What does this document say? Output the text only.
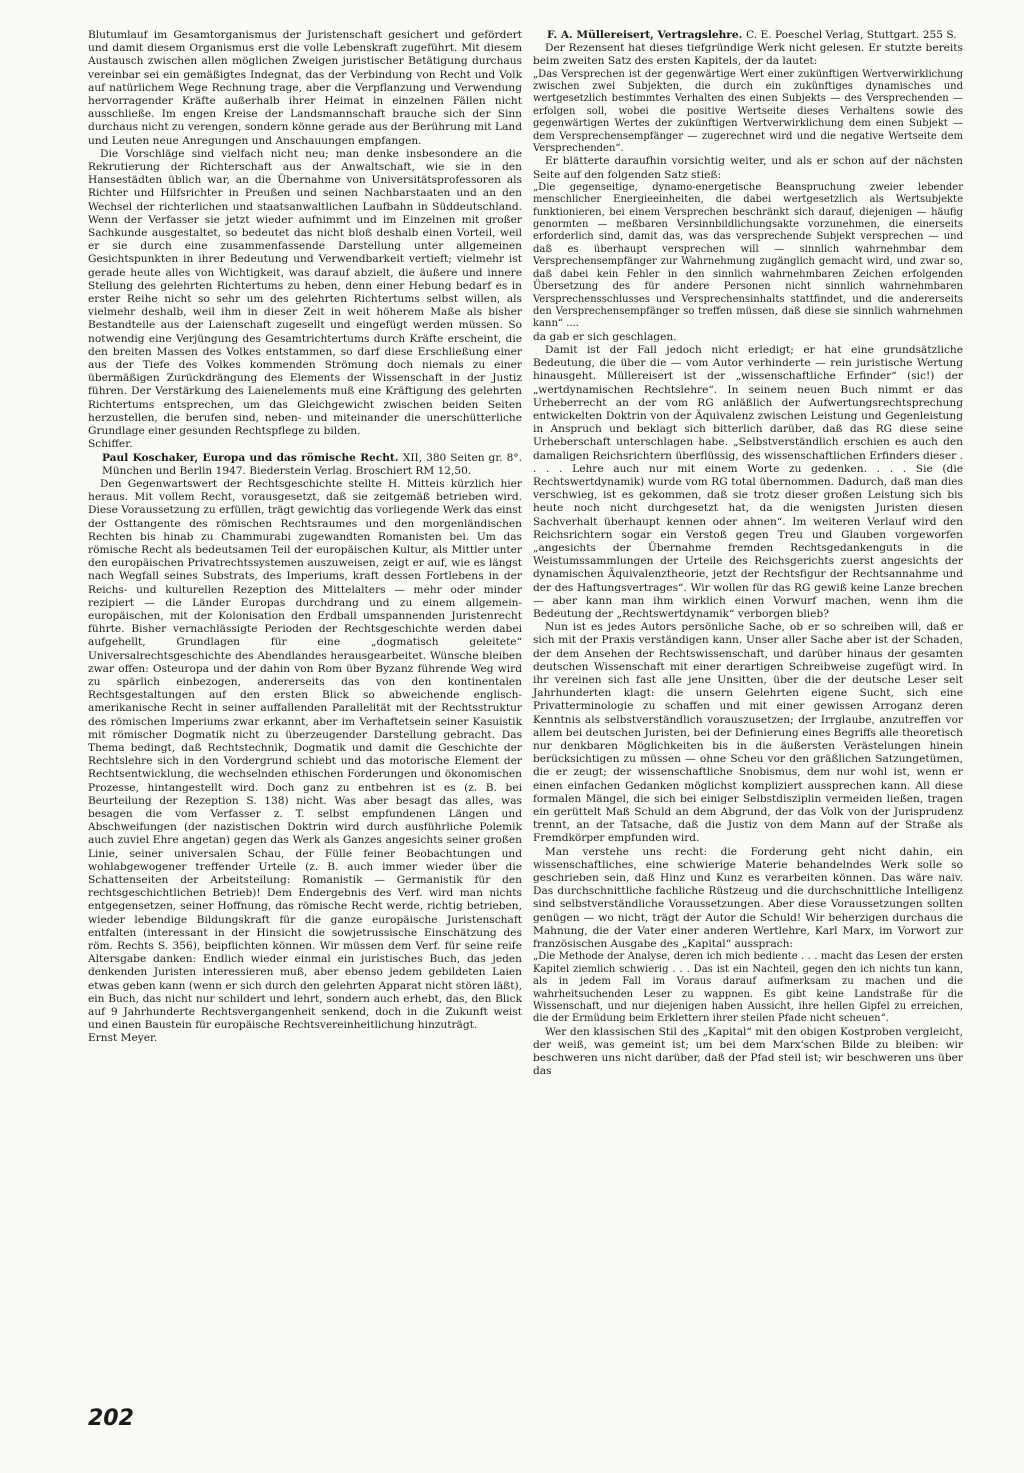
Blutumlauf im Gesamtorganismus der Juristenschaft gesichert und gefördert und damit diesem Organismus erst die volle Lebenskraft zugeführt. Mit diesem Austausch zwischen allen möglichen Zweigen juristischer Betätigung durchaus vereinbar sei ein gemäßigtes Indegnat, das der Verbindung von Recht und Volk auf natürlichem Wege Rechnung trage, aber die Verpflanzung und Verwendung hervorragender Kräfte außerhalb ihrer Heimat in einzelnen Fällen nicht ausschließe. Im engen Kreise der Landsmannschaft brauche sich der Sinn durchaus nicht zu verengen, sondern könne gerade aus der Berührung mit Land und Leuten neue Anregungen und Anschauungen empfangen.

Die Vorschläge sind vielfach nicht neu; man denke insbesondere an die Rekrutierung der Richterschaft aus der Anwaltschaft, wie sie in den Hansestädten üblich war, an die Übernahme von Universitätsprofessoren als Richter und Hilfsrichter in Preußen und seinen Nachbarstaaten und an den Wechsel der richterlichen und staatsanwaltlichen Laufbahn in Süddeutschland. Wenn der Verfasser sie jetzt wieder aufnimmt und im Einzelnen mit großer Sachkunde ausgestaltet, so bedeutet das nicht bloß deshalb einen Vorteil, weil er sie durch eine zusammenfassende Darstellung unter allgemeinen Gesichtspunkten in ihrer Bedeutung und Verwendbarkeit vertieft; vielmehr ist gerade heute alles von Wichtigkeit, was darauf abzielt, die äußere und innere Stellung des gelehrten Richtertums zu heben, denn einer Hebung bedarf es in erster Reihe nicht so sehr um des gelehrten Richtertums selbst willen, als vielmehr deshalb, weil ihm in dieser Zeit in weit höherem Maße als bisher Bestandteile aus der Laienschaft zugesellt und eingefügt werden müssen. So notwendig eine Verjüngung des Gesamtrichtertums durch Kräfte erscheint, die den breiten Massen des Volkes entstammen, so darf diese Erschließung einer aus der Tiefe des Volkes kommenden Strömung doch niemals zu einer übermäßigen Zurückdrängung des Elements der Wissenschaft in der Justiz führen. Der Verstärkung des Laienelements muß eine Kräftigung des gelehrten Richtertums entsprechen, um das Gleichgewicht zwischen beiden Seiten herzustellen, die berufen sind, neben- und miteinander die unerschütterliche Grundlage einer gesunden Rechtspflege zu bilden.

Schiffer.

Paul Koschaker, Europa und das römische Recht. XII, 380 Seiten gr. 8°. München und Berlin 1947. Biederstein Verlag. Broschiert RM 12,50.

Den Gegenwartswert der Rechtsgeschichte stellte H. Mitteis kürzlich hier heraus. Mit vollem Recht, vorausgesetzt, daß sie zeitgemäß betrieben wird. Diese Voraussetzung zu erfüllen, trägt gewichtig das vorliegende Werk das einst der Osttangente des römischen Rechtsraumes und den morgenländischen Rechten bis hinab zu Chammurabi zugewandten Romanisten bei. Um das römische Recht als bedeutsamen Teil der europäischen Kultur, als Mittler unter den europäischen Privatrechtssystemen auszuweisen, zeigt er auf, wie es längst nach Wegfall seines Substrats, des Imperiums, kraft dessen Fortlebens in der Reichs- und kulturellen Rezeption des Mittelalters — mehr oder minder rezipiert — die Länder Europas durchdrang und zu einem allgemein-europäischen, mit der Kolonisation den Erdball umspannenden Juristenrecht führte. Bisher vernachlässigte Perioden der Rechtsgeschichte werden dabei aufgehellt, Grundlagen für eine „dogmatisch geleitete“ Universalrechtsgeschichte des Abendlandes herausgearbeitet. Wünsche bleiben zwar offen: Osteuropa und der dahin von Rom über Byzanz führende Weg wird zu spärlich einbezogen, andererseits das von den kontinentalen Rechtsgestaltungen auf den ersten Blick so abweichende englisch-amerikanische Recht in seiner auffallenden Parallelität mit der Rechtsstruktur des römischen Imperiums zwar erkannt, aber im Verhaftetsein seiner Kasuistik mit römischer Dogmatik nicht zu überzeugender Darstellung gebracht. Das Thema bedingt, daß Rechtstechnik, Dogmatik und damit die Geschichte der Rechtslehre sich in den Vordergrund schiebt und das motorische Element der Rechtsentwicklung, die wechselnden ethischen Forderungen und ökonomischen Prozesse, hintangestellt wird. Doch ganz zu entbehren ist es (z. B. bei Beurteilung der Rezeption S. 138) nicht. Was aber besagt das alles, was besagen die vom Verfasser z. T. selbst empfundenen Längen und Abschweifungen (der nazistischen Doktrin wird durch ausführliche Polemik auch zuviel Ehre angetan) gegen das Werk als Ganzes angesichts seiner großen Linie, seiner universalen Schau, der Fülle feiner Beobachtungen und wohlabgewogener treffender Urteile (z. B. auch immer wieder über die Schattenseiten der Arbeitsteilung: Romanistik — Germanistik für den rechtsgeschichtlichen Betrieb)! Dem Endergebnis des Verf. wird man nichts entgegensetzen, seiner Hoffnung, das römische Recht werde, richtig betrieben, wieder lebendige Bildungskraft für die ganze europäische Juristenschaft entfalten (interessant in der Hinsicht die sowjetrussische Einschätzung des röm. Rechts S. 356), beipflichten können. Wir müssen dem Verf. für seine reife Altersgabe danken: Endlich wieder einmal ein juristisches Buch, das jeden denkenden Juristen interessieren muß, aber ebenso jedem gebildeten Laien etwas geben kann (wenn er sich durch den gelehrten Apparat nicht stören läßt), ein Buch, das nicht nur schildert und lehrt, sondern auch erhebt, das, den Blick auf 9 Jahrhunderte Rechtsvergangenheit senkend, doch in die Zukunft weist und einen Baustein für europäische Rechtsvereinheitlichung hinzuträgt.

Ernst Meyer.

F. A. Müllereisert, Vertragslehre. C. E. Poeschel Verlag, Stuttgart. 255 S.

Der Rezensent hat dieses tiefgründige Werk nicht gelesen. Er stutzte bereits beim zweiten Satz des ersten Kapitels, der da lautet:

„Das Versprechen ist der gegenwärtige Wert einer zukünftigen Wertverwirklichung zwischen zwei Subjekten, die durch ein zukünftiges dynamisches und wertgesetzlich bestimmtes Verhalten des einen Subjekts — des Versprechenden — erfolgen soll, wobei die positive Wertseite dieses Verhaltens sowie des gegenwärtigen Wertes der zukünftigen Wertverwirklichung dem einen Subjekt — dem Versprechensempfänger — zugerechnet wird und die negative Wertseite dem Versprechenden“.

Er blätterte daraufhin vorsichtig weiter, und als er schon auf der nächsten Seite auf den folgenden Satz stieß:

„Die gegenseitige, dynamo-energetische Beanspruchung zweier lebender menschlicher Energieeinheiten, die dabei wertgesetzlich als Wertsubjekte funktionieren, bei einem Versprechen beschränkt sich darauf, diejenigen — häufig genormten — meßbaren Versinnbildlichungsakte vorzunehmen, die einerseits erforderlich sind, damit das, was das versprechende Subjekt versprechen — und daß es überhaupt versprechen will — sinnlich wahrnehmbar dem Versprechensempfänger zur Wahrnehmung zugänglich gemacht wird, und zwar so, daß dabei kein Fehler in den sinnlich wahrnehmbaren Zeichen erfolgenden Übersetzung des für andere Personen nicht sinnlich wahrnehmbaren Versprechensschlusses und Versprechensinhalts stattfindet, und die andererseits den Versprechensempfänger so treffen müssen, daß diese sie sinnlich wahrnehmen kann“ ....

da gab er sich geschlagen.

Damit ist der Fall jedoch nicht erledigt; er hat eine grundsätzliche Bedeutung, die über die — vom Autor verhinderte — rein juristische Wertung hinausgeht. Müllereisert ist der „wissenschaftliche Erfinder“ (sic!) der „wertdynamischen Rechtslehre“. In seinem neuen Buch nimmt er das Urheberrecht an der vom RG anläßlich der Aufwertungsrechtsprechung entwickelten Doktrin von der Äquivalenz zwischen Leistung und Gegenleistung in Anspruch und beklagt sich bitterlich darüber, daß das RG diese seine Urheberschaft unterschlagen habe. „Selbstverständlich erschien es auch den damaligen Reichsrichtern überflüssig, des wissenschaftlichen Erfinders dieser . . . . Lehre auch nur mit einem Worte zu gedenken. . . . Sie (die Rechtswertdynamik) wurde vom RG total übernommen. Dadurch, daß man dies verschwieg, ist es gekommen, daß sie trotz dieser großen Leistung sich bis heute noch nicht durchgesetzt hat, da die wenigsten Juristen diesen Sachverhalt überhaupt kennen oder ahnen“. Im weiteren Verlauf wird den Reichsrichtern sogar ein Verstoß gegen Treu und Glauben vorgeworfen „angesichts der Übernahme fremden Rechtsgedankenguts in die Weistumssammlungen der Urteile des Reichsgerichts zuerst angesichts der dynamischen Äquivalenztheorie, jetzt der Rechtsfigur der Rechtsannahme und der des Haftungsvertrages“. Wir wollen für das RG gewiß keine Lanze brechen — aber kann man ihm wirklich einen Vorwurf machen, wenn ihm die Bedeutung der „Rechtswertdynamik“ verborgen blieb?

Nun ist es jedes Autors persönliche Sache, ob er so schreiben will, daß er sich mit der Praxis verständigen kann. Unser aller Sache aber ist der Schaden, der dem Ansehen der Rechtswissenschaft, und darüber hinaus der gesamten deutschen Wissenschaft mit einer derartigen Schreibweise zugefügt wird. In ihr vereinen sich fast alle jene Unsitten, über die der deutsche Leser seit Jahrhunderten klagt: die unsern Gelehrten eigene Sucht, sich eine Privatterminologie zu schaffen und mit einer gewissen Arroganz deren Kenntnis als selbstverständlich vorauszusetzen; der Irrglaube, anzutreffen vor allem bei deutschen Juristen, bei der Definierung eines Begriffs alle theoretisch nur denkbaren Möglichkeiten bis in die äußersten Verästelungen hinein berücksichtigen zu müssen — ohne Scheu vor den gräßlichen Satzungetümen, die er zeugt; der wissenschaftliche Snobismus, dem nur wohl ist, wenn er einen einfachen Gedanken möglichst kompliziert aussprechen kann. All diese formalen Mängel, die sich bei einiger Selbstdisziplin vermeiden ließen, tragen ein gerüttelt Maß Schuld an dem Abgrund, der das Volk von der Jurisprudenz trennt, an der Tatsache, daß die Justiz von dem Mann auf der Straße als Fremdkörper empfunden wird.

Man verstehe uns recht: die Forderung geht nicht dahin, ein wissenschaftliches, eine schwierige Materie behandelndes Werk solle so geschrieben sein, daß Hinz und Kunz es verarbeiten können. Das wäre naiv. Das durchschnittliche fachliche Rüstzeug und die durchschnittliche Intelligenz sind selbstverständliche Voraussetzungen. Aber diese Voraussetzungen sollten genügen — wo nicht, trägt der Autor die Schuld! Wir beherzigen durchaus die Mahnung, die der Vater einer anderen Wertlehre, Karl Marx, im Vorwort zur französischen Ausgabe des „Kapital“ aussprach:

„Die Methode der Analyse, deren ich mich bediente . . . macht das Lesen der ersten Kapitel ziemlich schwierig . . . Das ist ein Nachteil, gegen den ich nichts tun kann, als in jedem Fall im Voraus darauf aufmerksam zu machen und die wahrheitsuchenden Leser zu wappnen. Es gibt keine Landstraße für die Wissenschaft, und nur diejenigen haben Aussicht, ihre hellen Gipfel zu erreichen, die der Ermüdung beim Erklettern ihrer steilen Pfade nicht scheuen“.

Wer den klassischen Stil des „Kapital“ mit den obigen Kostproben vergleicht, der weiß, was gemeint ist; um bei dem Marx'schen Bilde zu bleiben: wir beschweren uns nicht darüber, daß der Pfad steil ist; wir beschweren uns über das

202
